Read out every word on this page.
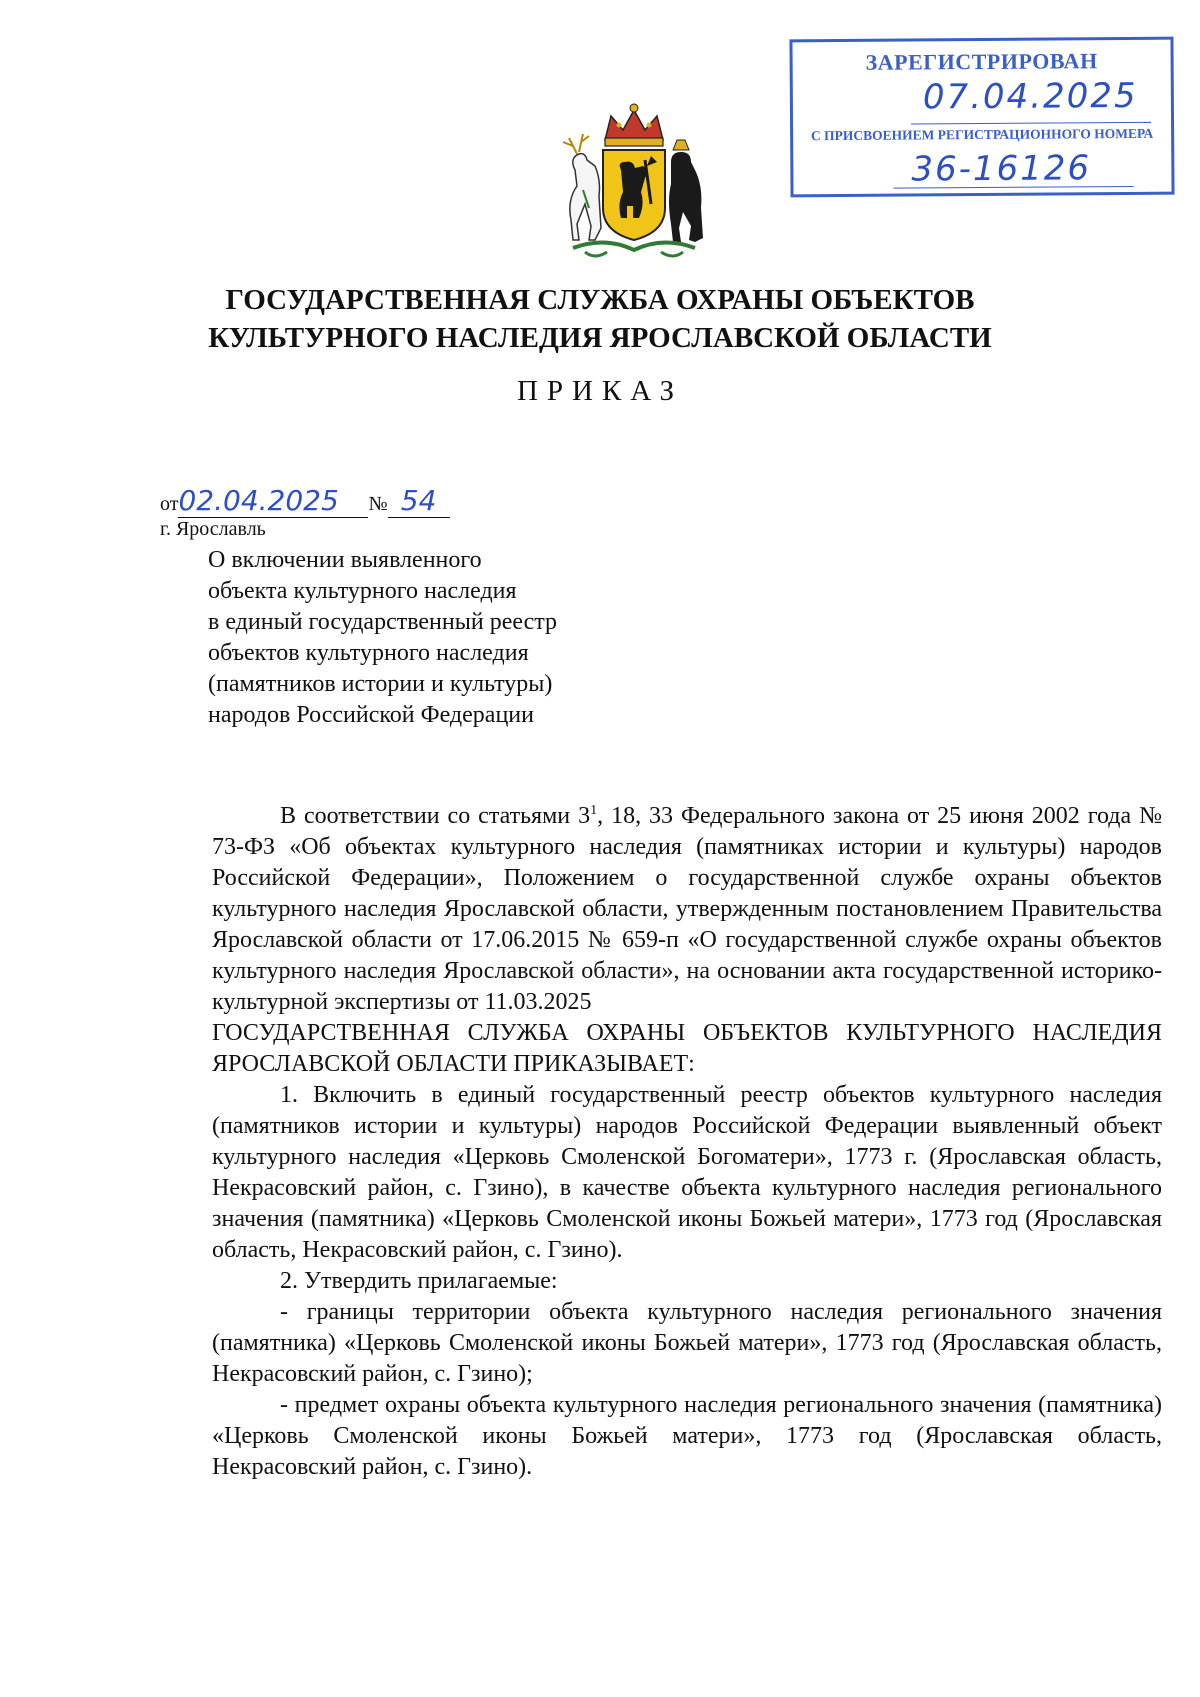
ЗАРЕГИСТРИРОВАН
07.04.2025
С ПРИСВОЕНИЕМ РЕГИСТРАЦИОННОГО НОМЕРА
36-16126
ГОСУДАРСТВЕННАЯ СЛУЖБА ОХРАНЫ ОБЪЕКТОВ
КУЛЬТУРНОГО НАСЛЕДИЯ ЯРОСЛАВСКОЙ ОБЛАСТИ
ПРИКАЗ
от02.04.2025 № 54
г. Ярославль
О включении выявленного
объекта культурного наследия
в единый государственный реестр
объектов культурного наследия
(памятников истории и культуры)
народов Российской Федерации

В соответствии со статьями $3^1$, 18, 33 Федерального закона от 25 июня 2002 года № 73-ФЗ «Об объектах культурного наследия (памятниках истории и культуры) народов Российской Федерации», Положением о государственной службе охраны объектов культурного наследия Ярославской области, утвержденным постановлением Правительства Ярославской области от 17.06.2015 № 659-п «О государственной службе охраны объектов культурного наследия Ярославской области», на основании акта государственной историко-культурной экспертизы от 11.03.2025

ГОСУДАРСТВЕННАЯ СЛУЖБА ОХРАНЫ ОБЪЕКТОВ КУЛЬТУРНОГО НАСЛЕДИЯ ЯРОСЛАВСКОЙ ОБЛАСТИ ПРИКАЗЫВАЕТ:

1. Включить в единый государственный реестр объектов культурного наследия (памятников истории и культуры) народов Российской Федерации выявленный объект культурного наследия «Церковь Смоленской Богоматери», 1773 г. (Ярославская область, Некрасовский район, с. Гзино), в качестве объекта культурного наследия регионального значения (памятника) «Церковь Смоленской иконы Божьей матери», 1773 год (Ярославская область, Некрасовский район, с. Гзино).

2. Утвердить прилагаемые:

- границы территории объекта культурного наследия регионального значения (памятника) «Церковь Смоленской иконы Божьей матери», 1773 год (Ярославская область, Некрасовский район, с. Гзино);

- предмет охраны объекта культурного наследия регионального значения (памятника) «Церковь Смоленской иконы Божьей матери», 1773 год (Ярославская область, Некрасовский район, с. Гзино).
